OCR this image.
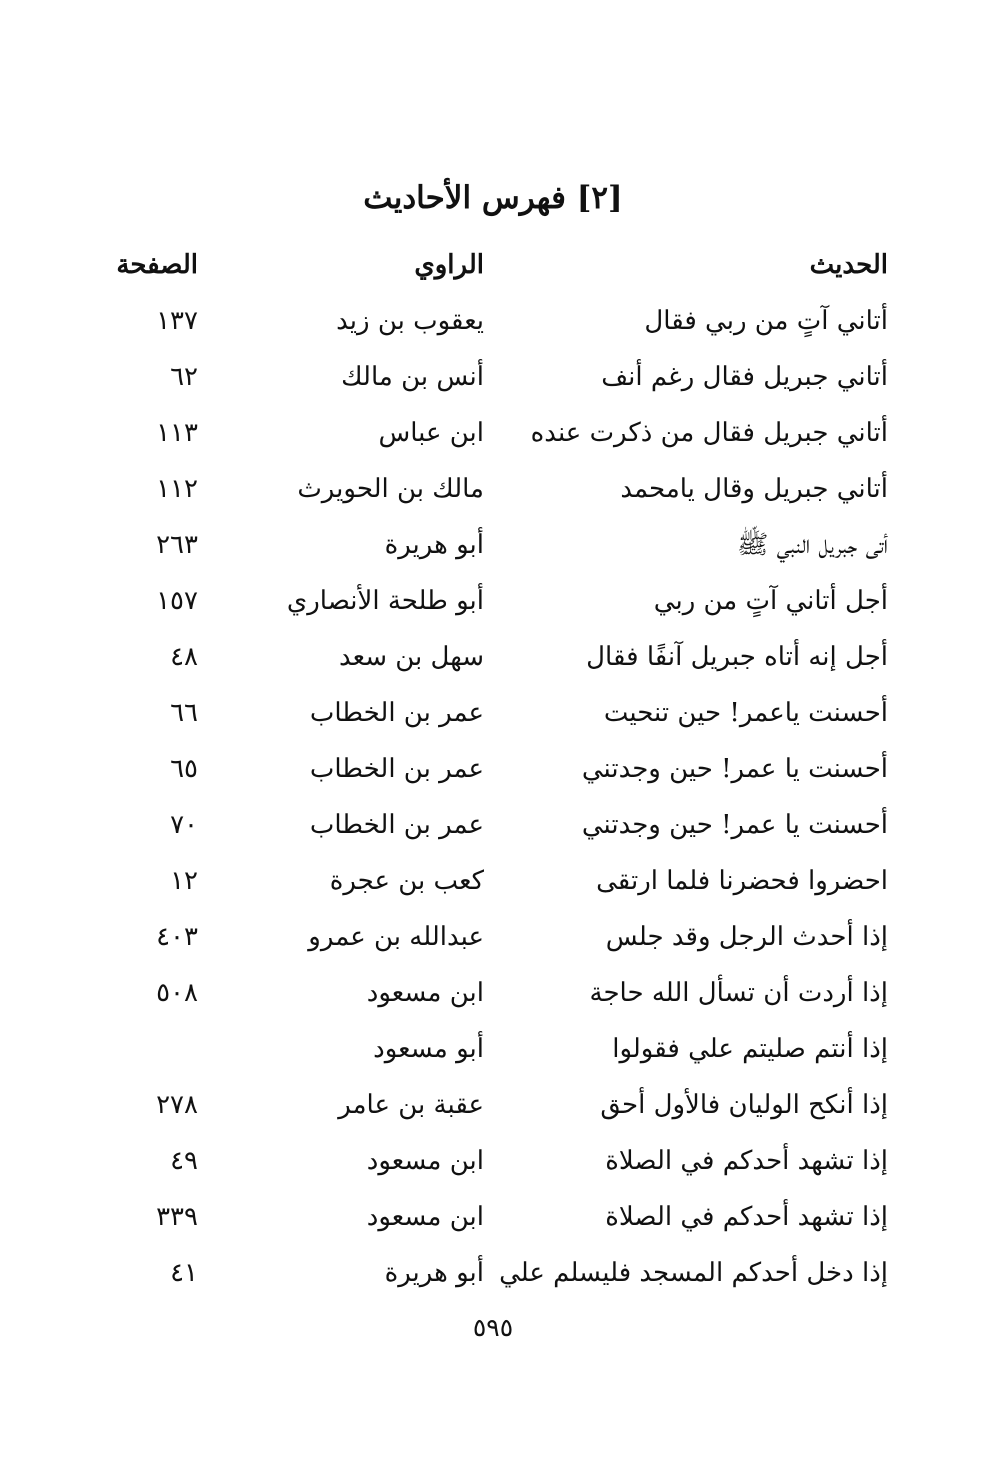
[٢] فهرس الأحاديث
الحديث
الراوي
الصفحة
أتاني آتٍ من ربي فقال
يعقوب بن زيد
١٣٧
أتاني جبريل فقال رغم أنف
أنس بن مالك
٦٢
أتاني جبريل فقال من ذكرت عنده
ابن عباس
١١٣
أتاني جبريل وقال يامحمد
مالك بن الحويرث
١١٢
أتى جبريل النبي ﷺ
أبو هريرة
٢٦٣
أجل أتاني آتٍ من ربي
أبو طلحة الأنصاري
١٥٧
أجل إنه أتاه جبريل آنفًا فقال
سهل بن سعد
٤٨
أحسنت ياعمر! حين تنحيت
عمر بن الخطاب
٦٦
أحسنت يا عمر! حين وجدتني
عمر بن الخطاب
٦٥
أحسنت يا عمر! حين وجدتني
عمر بن الخطاب
٧٠
احضروا فحضرنا فلما ارتقى
كعب بن عجرة
١٢
إذا أحدث الرجل وقد جلس
عبدالله بن عمرو
٤٠٣
إذا أردت أن تسأل الله حاجة
ابن مسعود
٥٠٨
إذا أنتم صليتم علي فقولوا
أبو مسعود
إذا أنكح الوليان فالأول أحق
عقبة بن عامر
٢٧٨
إذا تشهد أحدكم في الصلاة
ابن مسعود
٤٩
إذا تشهد أحدكم في الصلاة
ابن مسعود
٣٣٩
إذا دخل أحدكم المسجد فليسلم علي
أبو هريرة
٤١
٥٩٥
